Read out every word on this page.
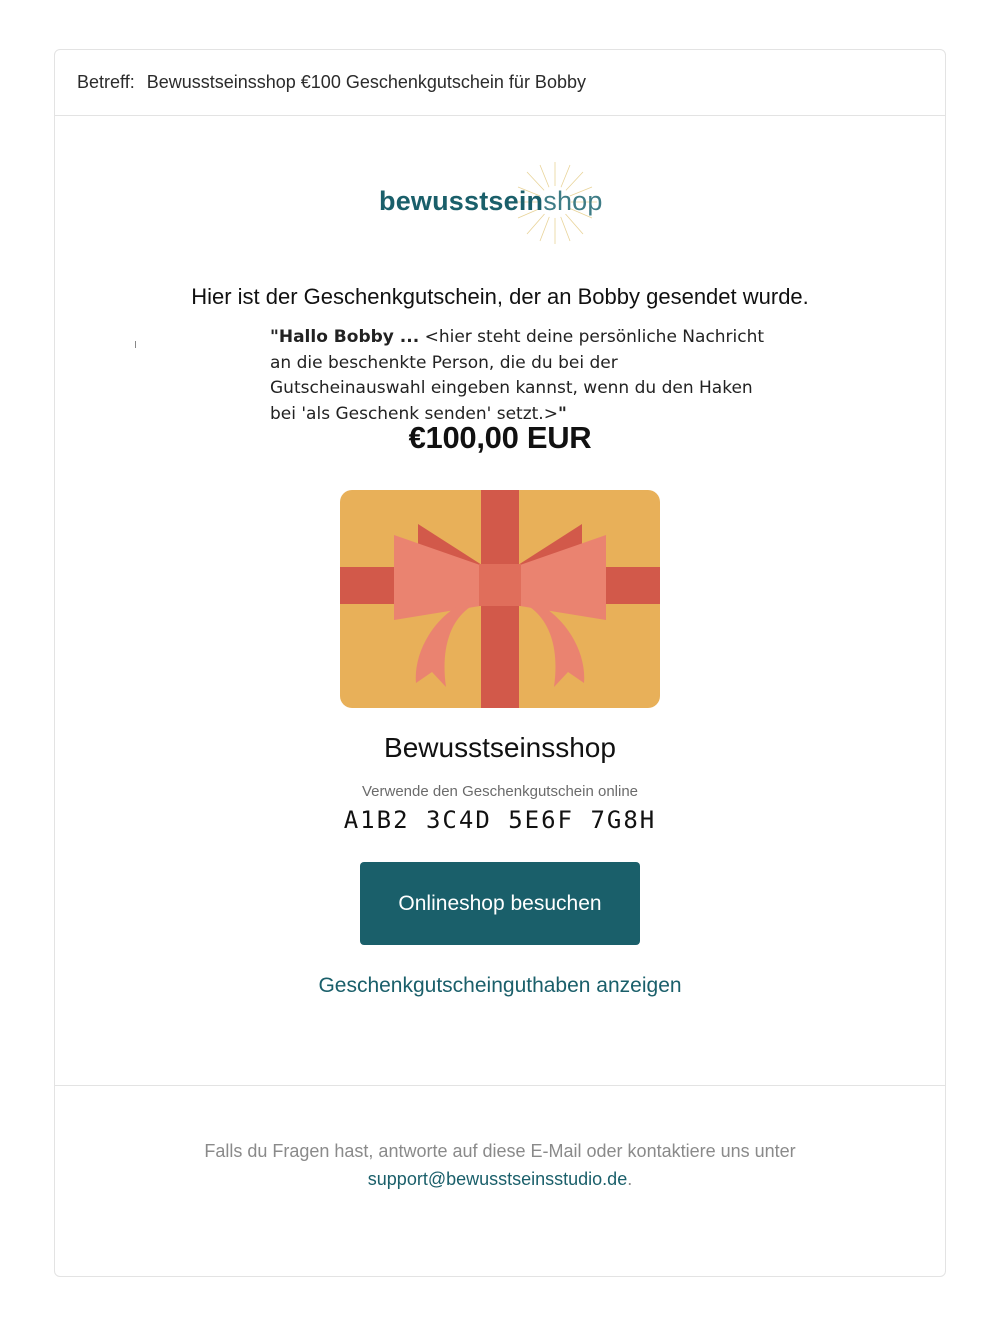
Betreff: Bewusstseinsshop €100 Geschenkgutschein für Bobby
bewusstseinshop
Hier ist der Geschenkgutschein, der an Bobby gesendet wurde.
"Hallo Bobby ... <hier steht deine persönliche Nachricht an die beschenkte Person, die du bei der Gutscheinauswahl eingeben kannst, wenn du den Haken bei 'als Geschenk senden' setzt.>"
€100,00 EUR
Bewusstseinsshop
Verwende den Geschenkgutschein online
A1B2 3C4D 5E6F 7G8H
Onlineshop besuchen
Geschenkgutscheinguthaben anzeigen
Falls du Fragen hast, antworte auf diese E-Mail oder kontaktiere uns unter
support@bewusstseinsstudio.de.
